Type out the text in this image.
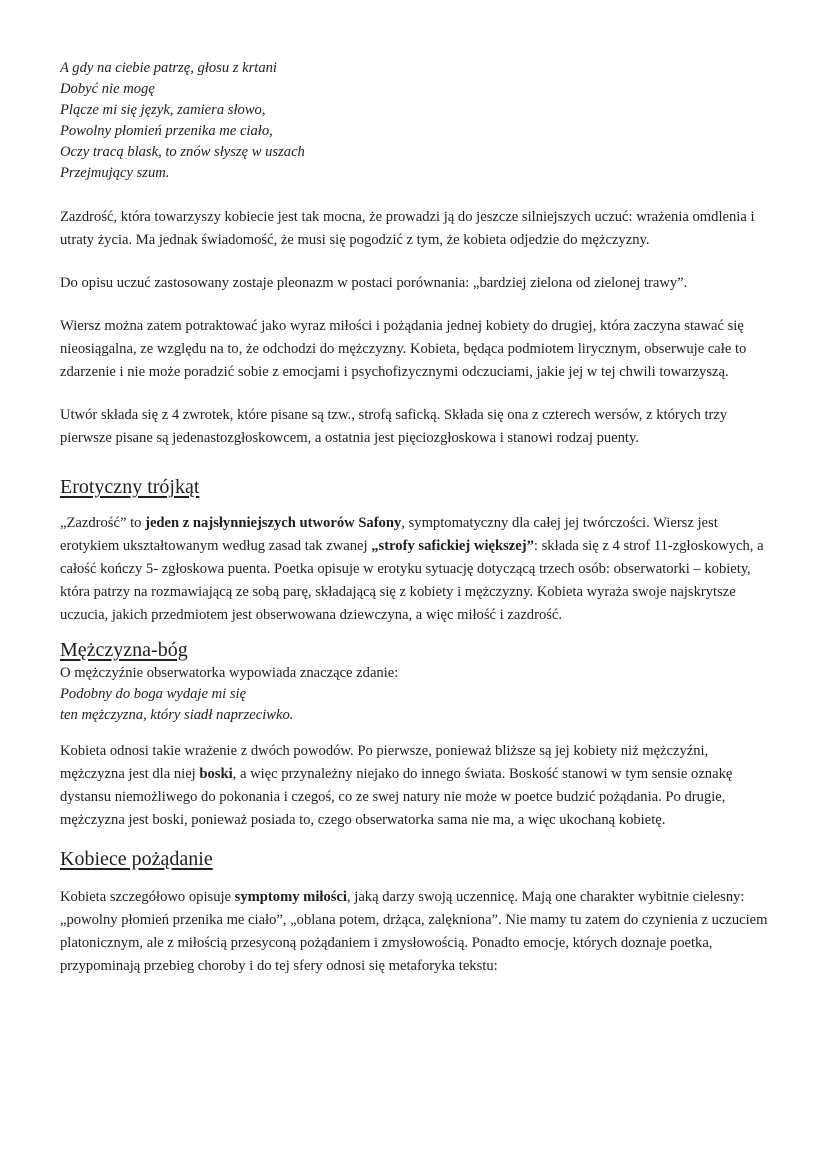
A gdy na ciebie patrzę, głosu z krtani
Dobyć nie mogę
Plącze mi się język, zamiera słowo,
Powolny płomień przenika me ciało,
Oczy tracą blask, to znów słyszę w uszach
Przejmujący szum.

Zazdrość, która towarzyszy kobiecie jest tak mocna, że prowadzi ją do jeszcze silniejszych uczuć: wrażenia omdlenia i utraty życia. Ma jednak świadomość, że musi się pogodzić z tym, że kobieta odjedzie do mężczyzny.

Do opisu uczuć zastosowany zostaje pleonazm w postaci porównania: „bardziej zielona od zielonej trawy”.

Wiersz można zatem potraktować jako wyraz miłości i pożądania jednej kobiety do drugiej, która zaczyna stawać się nieosiągalna, ze względu na to, że odchodzi do mężczyzny. Kobieta, będąca podmiotem lirycznym, obserwuje całe to zdarzenie i nie może poradzić sobie z emocjami i psychofizycznymi odczuciami, jakie jej w tej chwili towarzyszą.

Utwór składa się z 4 zwrotek, które pisane są tzw., strofą saficką. Składa się ona z czterech wersów, z których trzy pierwsze pisane są jedenastozgłoskowcem, a ostatnia jest pięciozgłoskowa i stanowi rodzaj puenty.

Erotyczny trójkąt

„Zazdrość” to jeden z najsłynniejszych utworów Safony, symptomatyczny dla całej jej twórczości. Wiersz jest erotykiem ukształtowanym według zasad tak zwanej „strofy safickiej większej”: składa się z 4 strof 11-zgłoskowych, a całość kończy 5- zgłoskowa puenta. Poetka opisuje w erotyku sytuację dotyczącą trzech osób: obserwatorki – kobiety, która patrzy na rozmawiającą ze sobą parę, składającą się z kobiety i mężczyzny. Kobieta wyraża swoje najskrytsze uczucia, jakich przedmiotem jest obserwowana dziewczyna, a więc miłość i zazdrość.

Mężczyzna-bóg
O mężczyźnie obserwatorka wypowiada znaczące zdanie:
Podobny do boga wydaje mi się
ten mężczyzna, który siadł naprzeciwko.

Kobieta odnosi takie wrażenie z dwóch powodów. Po pierwsze, ponieważ bliższe są jej kobiety niż mężczyźni, mężczyzna jest dla niej boski, a więc przynależny niejako do innego świata. Boskość stanowi w tym sensie oznakę dystansu niemożliwego do pokonania i czegoś, co ze swej natury nie może w poetce budzić pożądania. Po drugie, mężczyzna jest boski, ponieważ posiada to, czego obserwatorka sama nie ma, a więc ukochaną kobietę.

Kobiece pożądanie

Kobieta szczegółowo opisuje symptomy miłości, jaką darzy swoją uczennicę. Mają one charakter wybitnie cielesny: „powolny płomień przenika me ciało”, „oblana potem, drżąca, zalękniona”. Nie mamy tu zatem do czynienia z uczuciem platonicznym, ale z miłością przesyconą pożądaniem i zmysłowością. Ponadto emocje, których doznaje poetka, przypominają przebieg choroby i do tej sfery odnosi się metaforyka tekstu:
